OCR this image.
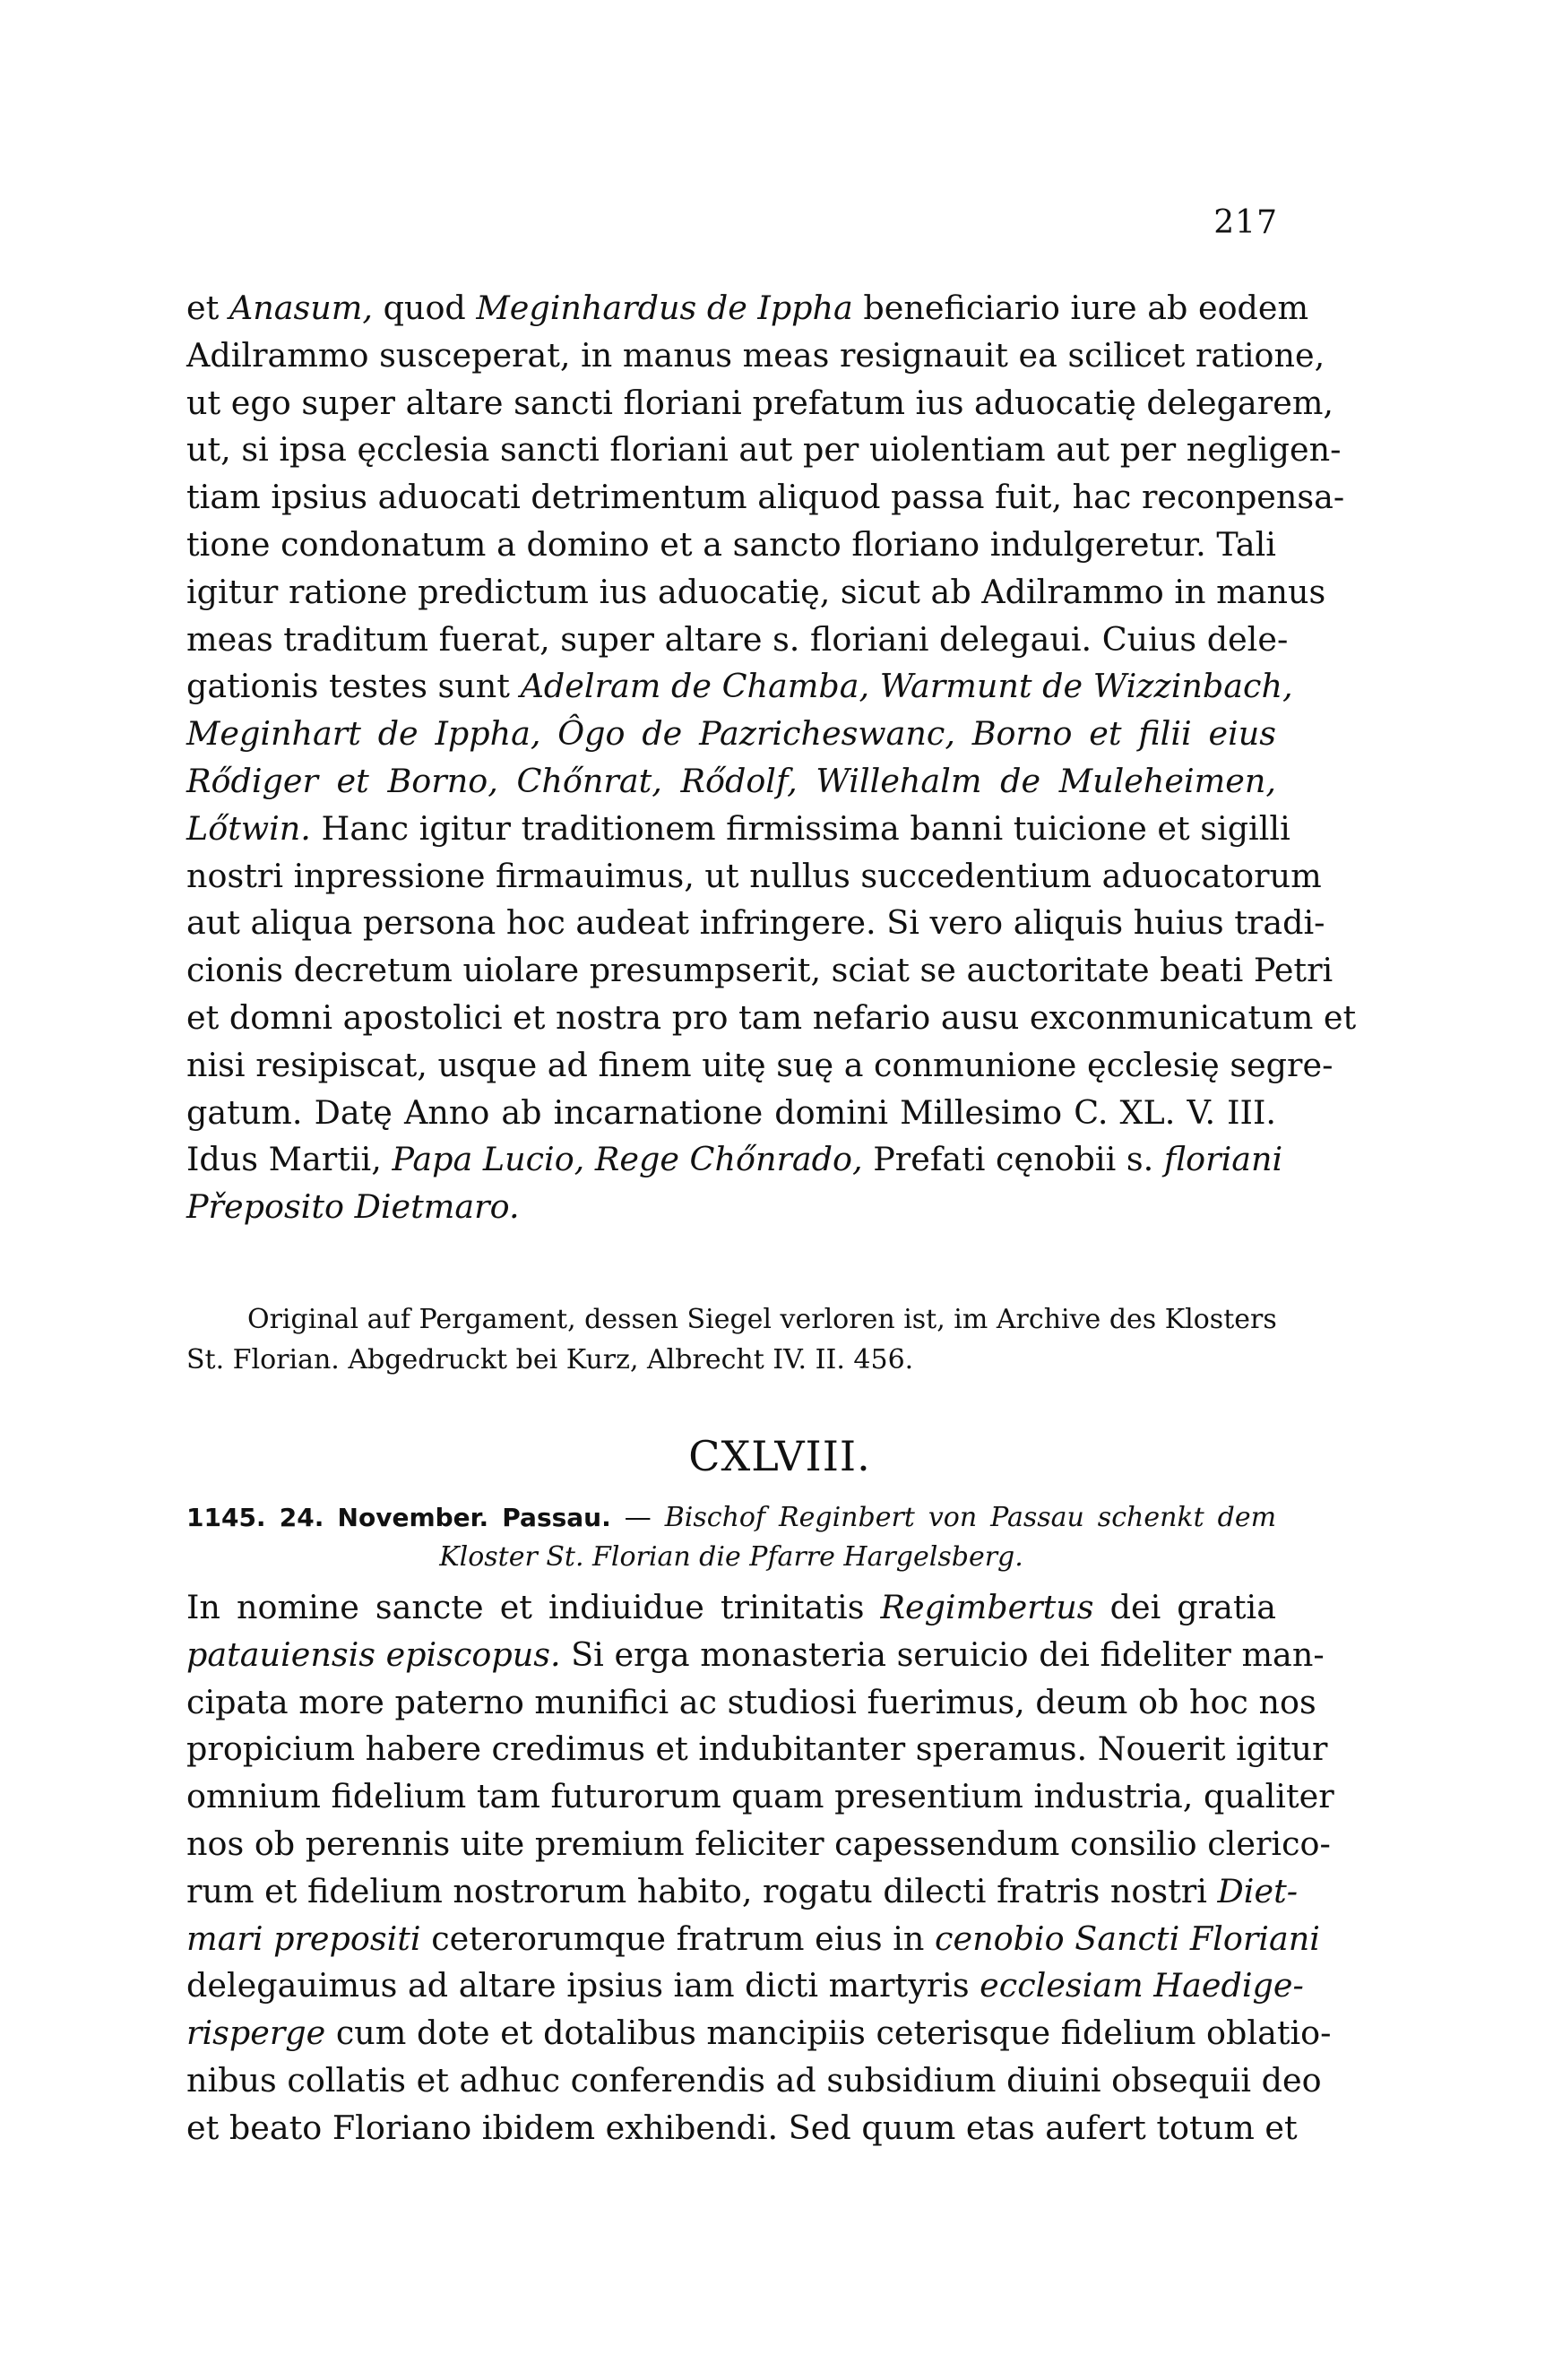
217
et Anasum, quod Meginhardus de Ippha beneficiario iure ab eodem
Adilrammo susceperat, in manus meas resignauit ea scilicet ratione,
ut ego super altare sancti floriani prefatum ius aduocatię delegarem,
ut, si ipsa ęcclesia sancti floriani aut per uiolentiam aut per negligen-
tiam ipsius aduocati detrimentum aliquod passa fuit, hac reconpensa-
tione condonatum a domino et a sancto floriano indulgeretur. Tali
igitur ratione predictum ius aduocatię, sicut ab Adilrammo in manus
meas traditum fuerat, super altare s. floriani delegaui. Cuius dele-
gationis testes sunt Adelram de Chamba, Warmunt de Wizzinbach,
Meginhart de Ippha, Ôgo de Pazricheswanc, Borno et filii eius
Rődiger et Borno, Chőnrat, Rődolf, Willehalm de Muleheimen,
Lőtwin. Hanc igitur traditionem firmissima banni tuicione et sigilli
nostri inpressione firmauimus, ut nullus succedentium aduocatorum
aut aliqua persona hoc audeat infringere. Si vero aliquis huius tradi-
cionis decretum uiolare presumpserit, sciat se auctoritate beati Petri
et domni apostolici et nostra pro tam nefario ausu exconmunicatum et
nisi resipiscat, usque ad finem uitę suę a conmunione ęcclesię segre-
gatum. Datę Anno ab incarnatione domini Millesimo C. XL. V. III.
Idus Martii, Papa Lucio, Rege Chőnrado, Prefati cęnobii s. floriani
Přeposito Dietmaro.
Original auf Pergament, dessen Siegel verloren ist, im Archive des Klosters
St. Florian. Abgedruckt bei Kurz, Albrecht IV. II. 456.
CXLVIII.
1145. 24. November. Passau. — Bischof Reginbert von Passau schenkt dem
Kloster St. Florian die Pfarre Hargelsberg.
In nomine sancte et indiuidue trinitatis Regimbertus dei gratia
patauiensis episcopus. Si erga monasteria seruicio dei fideliter man-
cipata more paterno munifici ac studiosi fuerimus, deum ob hoc nos
propicium habere credimus et indubitanter speramus. Nouerit igitur
omnium fidelium tam futurorum quam presentium industria, qualiter
nos ob perennis uite premium feliciter capessendum consilio clerico-
rum et fidelium nostrorum habito, rogatu dilecti fratris nostri Diet-
mari prepositi ceterorumque fratrum eius in cenobio Sancti Floriani
delegauimus ad altare ipsius iam dicti martyris ecclesiam Haedige-
risperge cum dote et dotalibus mancipiis ceterisque fidelium oblatio-
nibus collatis et adhuc conferendis ad subsidium diuini obsequii deo
et beato Floriano ibidem exhibendi. Sed quum etas aufert totum et
